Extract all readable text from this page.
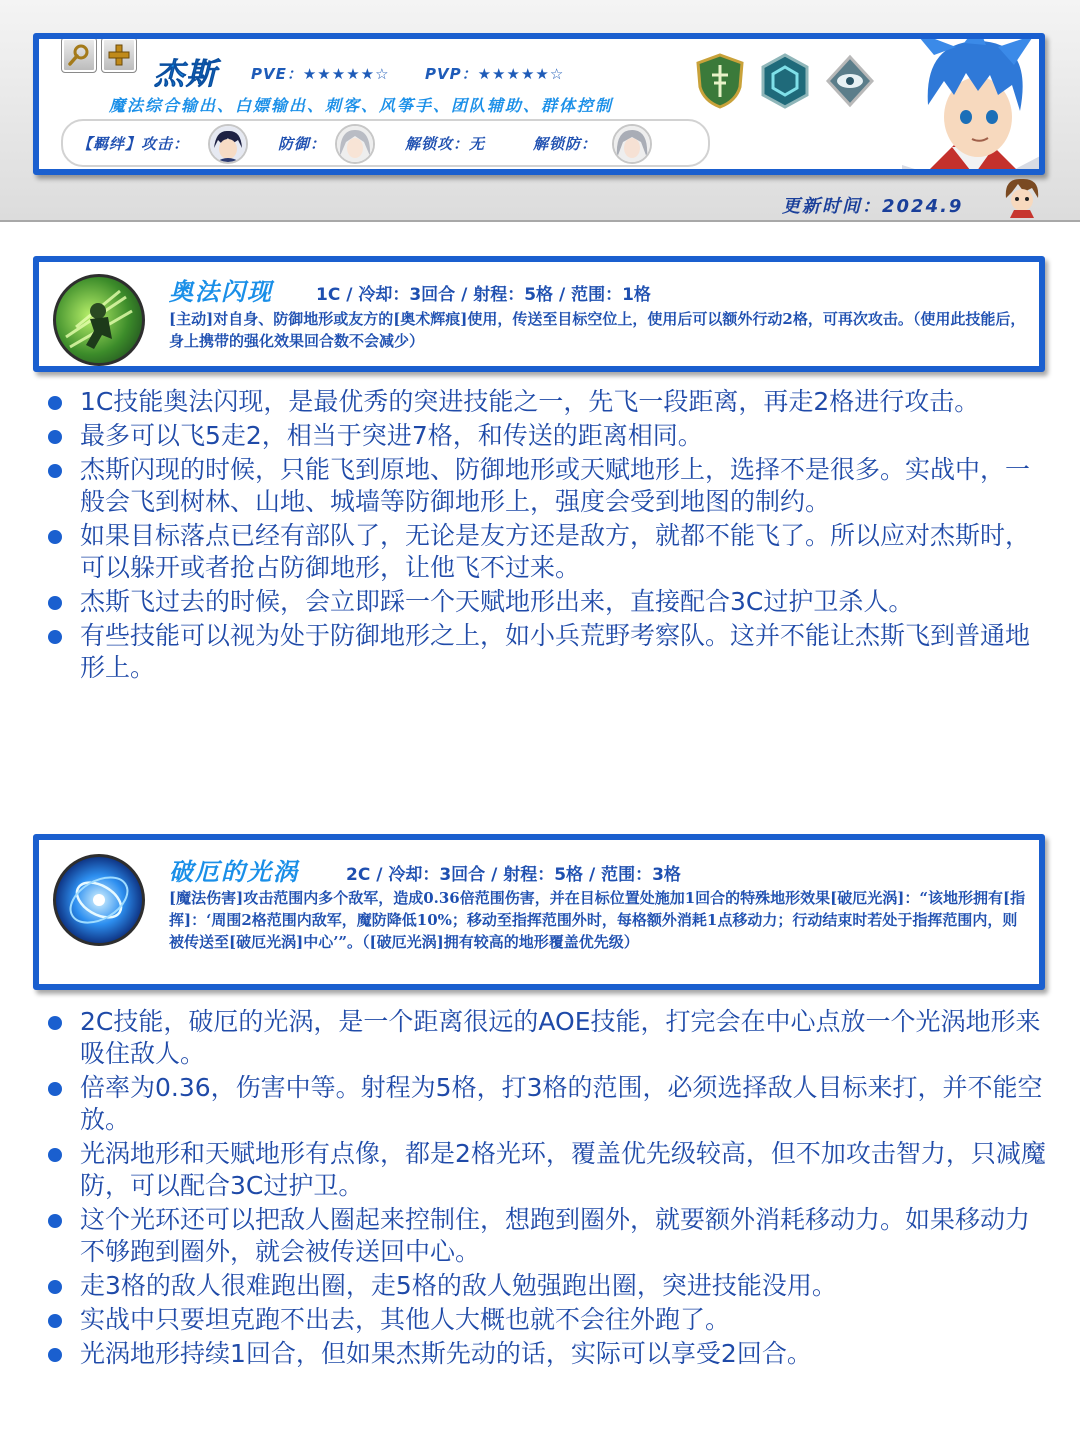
杰斯 PVE：★★★★★☆ PVP：★★★★★☆
魔法综合输出、白嫖输出、刺客、风筝手、团队辅助、群体控制
【羁绊】攻击：	防御：	解锁攻：无	解锁防：
更新时间：2024.9
奥法闪现	1C / 冷却：3回合 / 射程：5格 / 范围：1格
[主动]对自身、防御地形或友方的[奥术辉痕]使用，传送至目标空位上，使用后可以额外行动2格，可再次攻击。（使用此技能后，身上携带的强化效果回合数不会减少）
1C技能奥法闪现，是最优秀的突进技能之一，先飞一段距离，再走2格进行攻击。
最多可以飞5走2，相当于突进7格，和传送的距离相同。
杰斯闪现的时候，只能飞到原地、防御地形或天赋地形上，选择不是很多。实战中，一般会飞到树林、山地、城墙等防御地形上，强度会受到地图的制约。
如果目标落点已经有部队了，无论是友方还是敌方，就都不能飞了。所以应对杰斯时，可以躲开或者抢占防御地形，让他飞不过来。
杰斯飞过去的时候，会立即踩一个天赋地形出来，直接配合3C过护卫杀人。
有些技能可以视为处于防御地形之上，如小兵荒野考察队。这并不能让杰斯飞到普通地形上。
破厄的光涡	2C / 冷却：3回合 / 射程：5格 / 范围：3格
[魔法伤害]攻击范围内多个敌军，造成0.36倍范围伤害，并在目标位置处施加1回合的特殊地形效果[破厄光涡]：“该地形拥有[指挥]：‘周围2格范围内敌军，魔防降低10%；移动至指挥范围外时，每格额外消耗1点移动力；行动结束时若处于指挥范围内，则被传送至[破厄光涡]中心’”。（[破厄光涡]拥有较高的地形覆盖优先级）
2C技能，破厄的光涡，是一个距离很远的AOE技能，打完会在中心点放一个光涡地形来吸住敌人。
倍率为0.36，伤害中等。射程为5格，打3格的范围，必须选择敌人目标来打，并不能空放。
光涡地形和天赋地形有点像，都是2格光环，覆盖优先级较高，但不加攻击智力，只减魔防，可以配合3C过护卫。
这个光环还可以把敌人圈起来控制住，想跑到圈外，就要额外消耗移动力。如果移动力不够跑到圈外，就会被传送回中心。
走3格的敌人很难跑出圈，走5格的敌人勉强跑出圈，突进技能没用。
实战中只要坦克跑不出去，其他人大概也就不会往外跑了。
光涡地形持续1回合，但如果杰斯先动的话，实际可以享受2回合。
